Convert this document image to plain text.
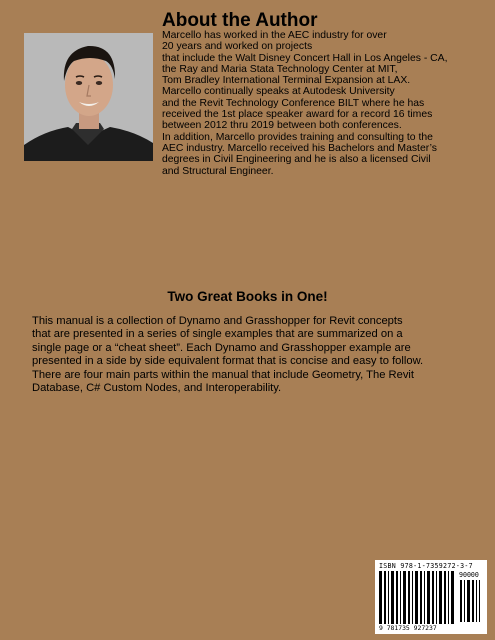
About the Author
Marcello has worked in the AEC industry for over
20 years and worked on projects
that include the Walt Disney Concert Hall in Los Angeles - CA,
the Ray and Maria Stata Technology Center at MIT,
Tom Bradley International Terminal Expansion at LAX.
Marcello continually speaks at Autodesk University
and the Revit Technology Conference BILT where he has
received the 1st place speaker award for a record 16 times
between 2012 thru 2019 between both conferences.
In addition, Marcello provides training and consulting to the
AEC industry. Marcello received his Bachelors and Master’s
degrees in Civil Engineering and he is also a licensed Civil
and Structural Engineer.
Two Great Books in One!
This manual is a collection of Dynamo and Grasshopper for Revit concepts
that are presented in a series of single examples that are summarized on a
single page or a “cheat sheet”. Each Dynamo and Grasshopper example are
presented in a side by side equivalent format that is concise and easy to follow.
There are four main parts within the manual that include Geometry, The Revit
Database, C# Custom Nodes, and Interoperability.
ISBN 978-1-7359272-3-7
90000
9 781735 927237
